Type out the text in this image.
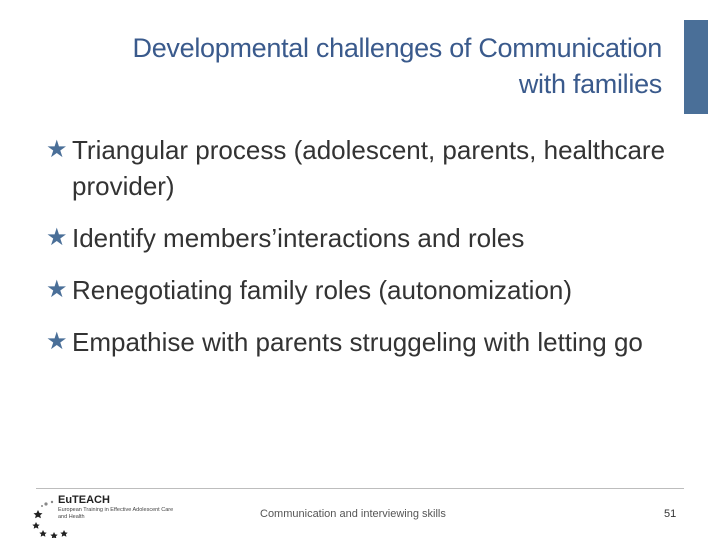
Developmental challenges of Communication
with families
★ Triangular process (adolescent, parents, healthcare provider)
★ Identify members’interactions and roles
★ Renegotiating family roles (autonomization)
★ Empathise with parents struggeling with letting go
EuTEACH
European Training in Effective Adolescent Care and Health	Communication and interviewing skills	51
